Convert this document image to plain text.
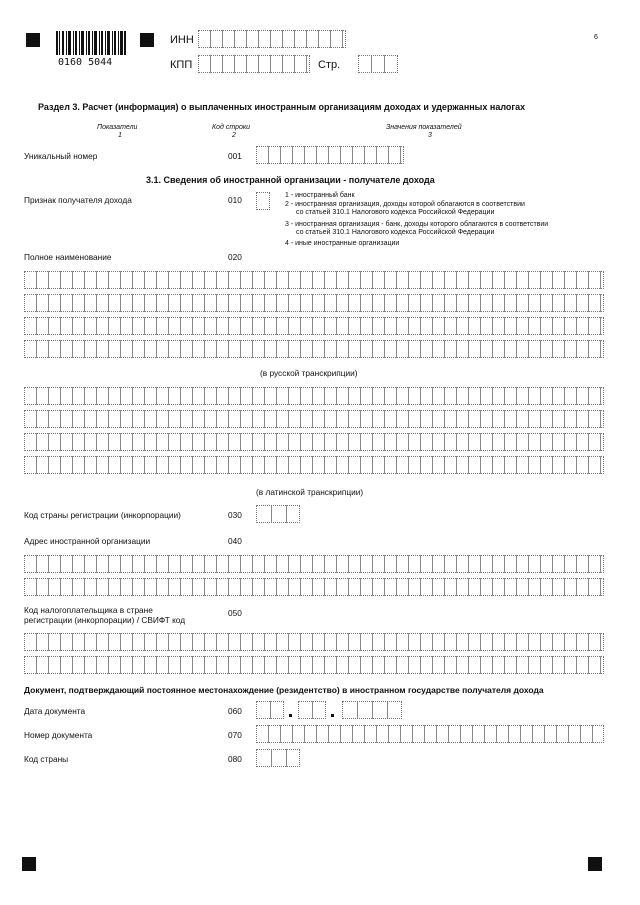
0160 5044
ИНН
КПП	Стр.
6
Раздел 3. Расчет (информация) о выплаченных иностранным организациям доходах и удержанных налогах
Показатели
1
Код строки
2
Значения показателей
3
Уникальный номер	001
3.1. Сведения об иностранной организации - получателе дохода
Признак получателя дохода	010	1 - иностранный банк
2 - иностранная организация, доходы которой облагаются в соответствии
со статьей 310.1 Налогового кодекса Российской Федерации
3 - иностранная организация - банк, доходы которого облагаются в соответствии
со статьей 310.1 Налогового кодекса Российской Федерации
4 - иные иностранные организации
Полное наименование	020
(в русской транскрипции)
(в латинской транскрипции)
Код страны регистрации (инкорпорации)	030
Адрес иностранной организации	040
Код налогоплательщика в стране
регистрации (инкорпорации) / СВИФТ код
050
Документ, подтверждающий постоянное местонахождение (резидентство) в иностранном государстве получателя дохода
Дата документа	060
Номер документа	070
Код страны	080
